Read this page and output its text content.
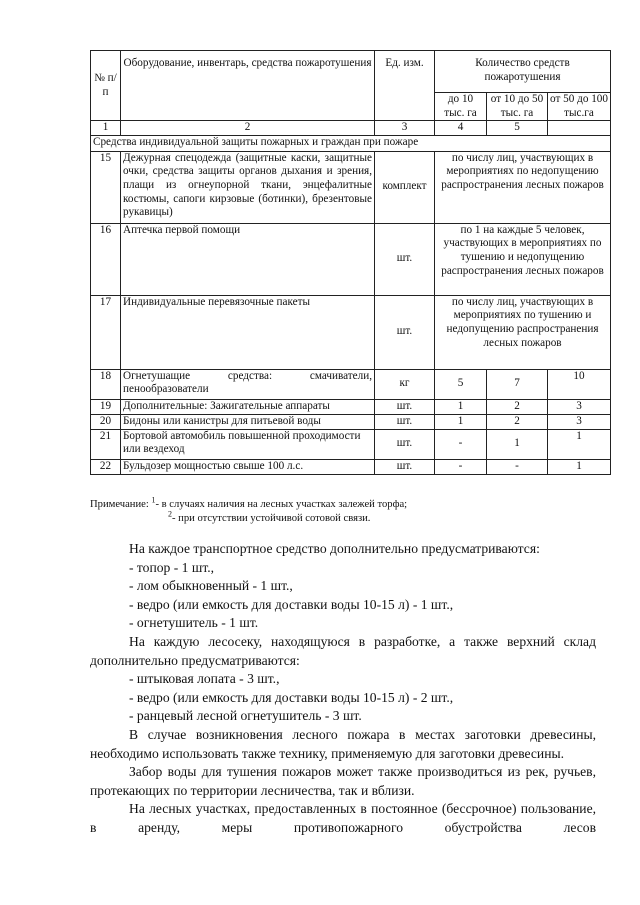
№ п/п	Оборудование, инвентарь, средства пожаротушения	Ед. изм.	Количество средств пожаротушения		
			до 10 тыс. га	от 10 до 50 тыс. га	от 50 до 100 тыс.га
1	2	3	4	5	
Средства индивидуальной защиты пожарных и граждан при пожаре					
15	Дежурная спецодежда (защитные каски, защитные очки, средства защиты органов дыхания и зрения, плащи из огнеупорной ткани, энцефалитные костюмы, сапоги кирзовые (ботинки), брезентовые рукавицы)	комплект	по числу лиц, участвующих в мероприятиях по недопущению распространения лесных пожаров		
16	Аптечка первой помощи	шт.	по 1 на каждые 5 человек, участвующих в мероприятиях по тушению и недопущению распространения лесных пожаров		
17	Индивидуальные перевязочные пакеты	шт.	по числу лиц, участвующих в мероприятиях по тушению и недопущению распространения лесных пожаров		
18	Огнетушащие средства: смачиватели, пенообразователи	кг	5	7	10
19	Дополнительные: Зажигательные аппараты	шт.	1	2	3
20	Бидоны или канистры для питьевой воды	шт.	1	2	3
21	Бортовой автомобиль повышенной проходимости или вездеход	шт.	-	1	1
22	Бульдозер мощностью свыше 100 л.с.	шт.	-	-	1
Примечание: $^1$- в случаях наличия на лесных участках залежей торфа;
$^2$- при отсутствии устойчивой сотовой связи.

На каждое транспортное средство дополнительно предусматриваются:

- топор - 1 шт.,

- лом обыкновенный - 1 шт.,

- ведро (или емкость для доставки воды 10-15 л) - 1 шт.,

- огнетушитель - 1 шт.

На каждую лесосеку, находящуюся в разработке, а также верхний склад дополнительно предусматриваются:

- штыковая лопата - 3 шт.,

- ведро (или емкость для доставки воды 10-15 л) - 2 шт.,

- ранцевый лесной огнетушитель - 3 шт.

В случае возникновения лесного пожара в местах заготовки древесины, необходимо использовать также технику, применяемую для заготовки древесины.

Забор воды для тушения пожаров может также производиться из рек, ручьев, протекающих по территории лесничества, так и вблизи.

На лесных участках, предоставленных в постоянное (бессрочное) пользование, в аренду, меры противопожарного обустройства лесов
